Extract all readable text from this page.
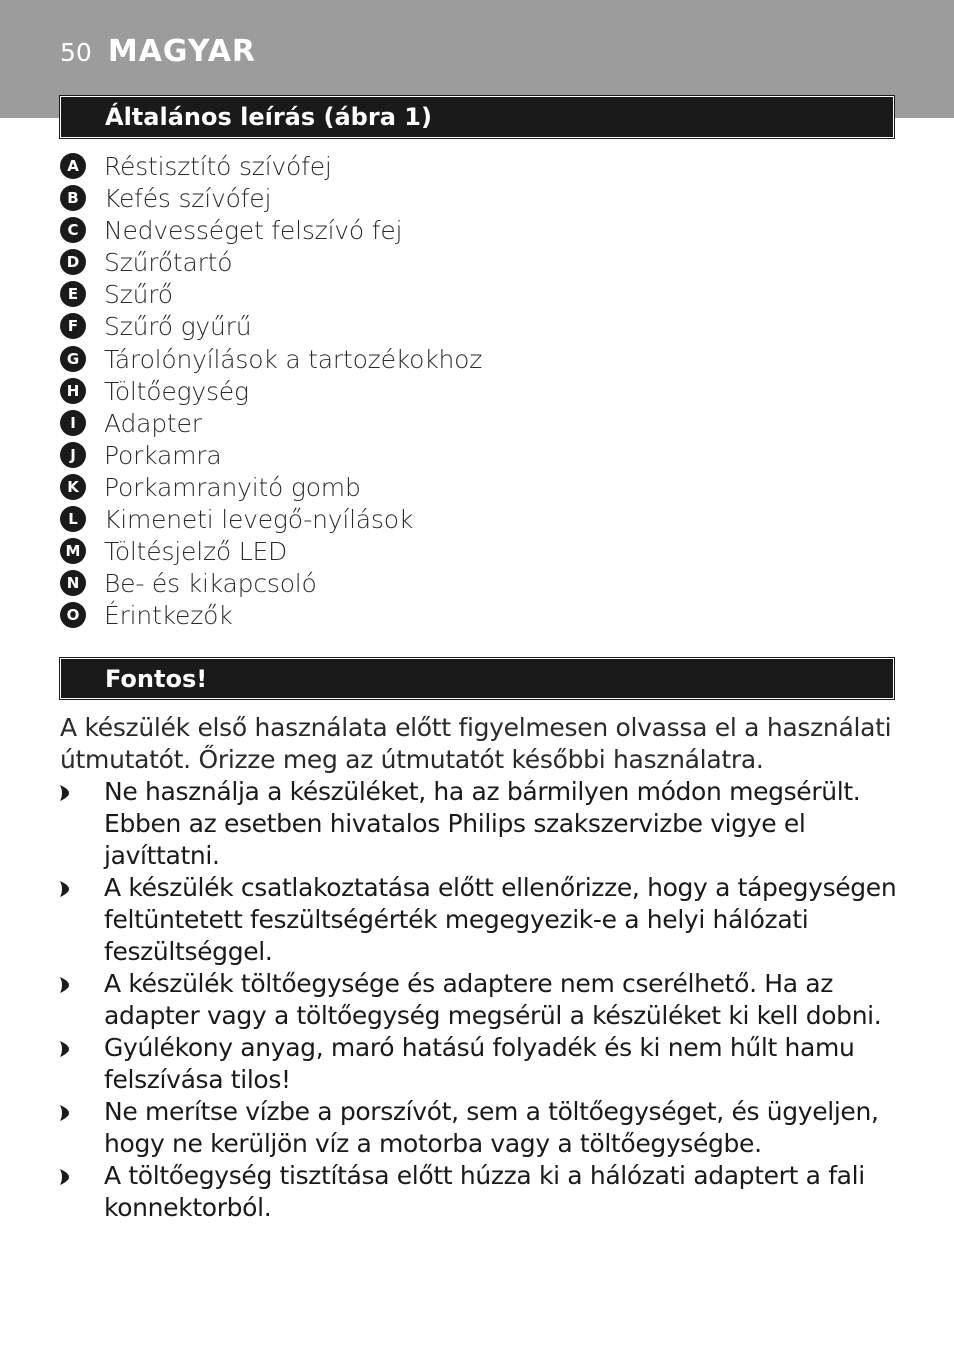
50 MAGYAR
Általános leírás (ábra 1)
A Réstisztító szívófej
B Kefés szívófej
C	Nedvességet felszívó fej
D Szűrőtartó
E	Szűrő
F	Szűrő gyűrű
G Tárolónyílások a tartozékokhoz
H Töltőegység
I	Adapter
J	Porkamra
K Porkamranyitó gomb
L	Kimeneti levegő-nyílások
M Töltésjelző LED
N Be- és kikapcsoló
O Érintkezők
Fontos!

A készülék első használata előtt figyelmesen olvassa el a használati útmutatót. Őrizze meg az útmutatót későbbi használatra.

Ne használja a készüléket, ha az bármilyen módon megsérült. Ebben az esetben hivatalos Philips szakszervizbe vigye el javíttatni.
A készülék csatlakoztatása előtt ellenőrizze, hogy a tápegységen feltüntetett feszültségérték megegyezik-e a helyi hálózati feszültséggel.
A készülék töltőegysége és adaptere nem cserélhető. Ha az adapter vagy a töltőegység megsérül a készüléket ki kell dobni.
Gyúlékony anyag, maró hatású folyadék és ki nem hűlt hamu felszívása tilos!
Ne merítse vízbe a porszívót, sem a töltőegységet, és ügyeljen, hogy ne kerüljön víz a motorba vagy a töltőegységbe.
A töltőegység tisztítása előtt húzza ki a hálózati adaptert a fali konnektorból.
